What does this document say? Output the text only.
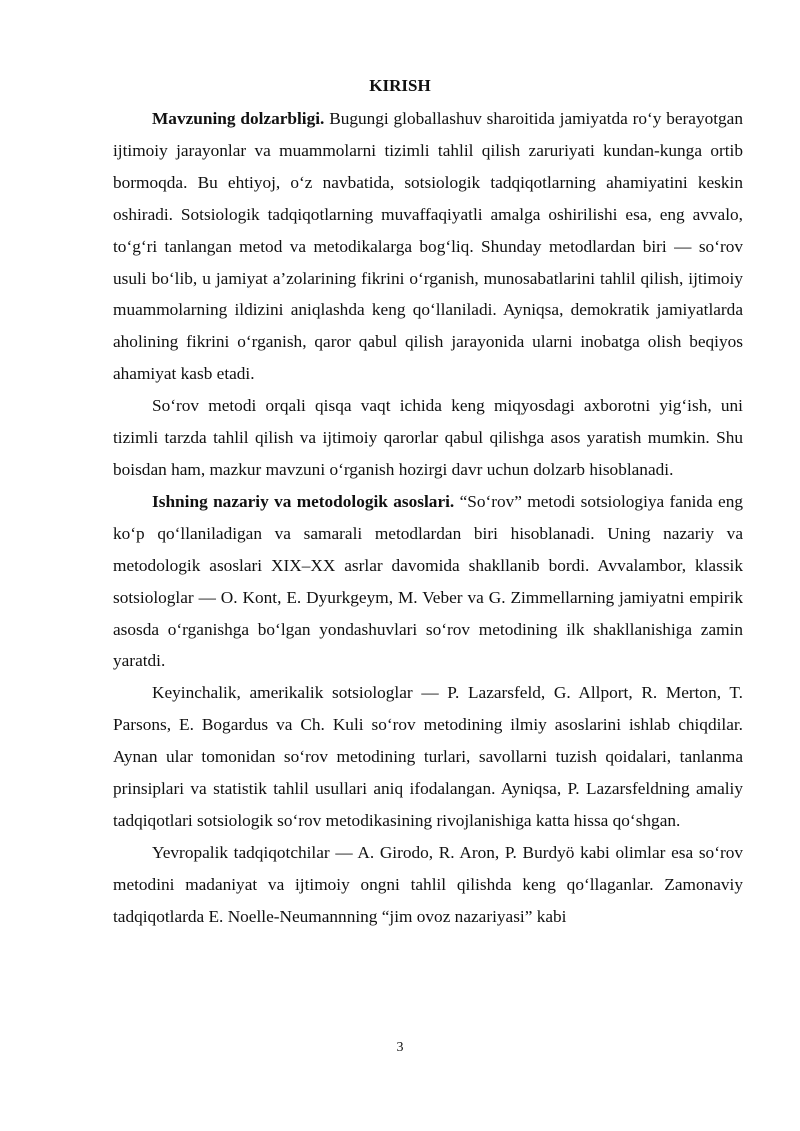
KIRISH

Mavzuning dolzarbligi. Bugungi globallashuv sharoitida jamiyatda ro‘y berayotgan ijtimoiy jarayonlar va muammolarni tizimli tahlil qilish zaruriyati kundan-kunga ortib bormoqda. Bu ehtiyoj, o‘z navbatida, sotsiologik tadqiqotlarning ahamiyatini keskin oshiradi. Sotsiologik tadqiqotlarning muvaffaqiyatli amalga oshirilishi esa, eng avvalo, to‘g‘ri tanlangan metod va metodikalarga bog‘liq. Shunday metodlardan biri — so‘rov usuli bo‘lib, u jamiyat a’zolarining fikrini o‘rganish, munosabatlarini tahlil qilish, ijtimoiy muammolarning ildizini aniqlashda keng qo‘llaniladi. Ayniqsa, demokratik jamiyatlarda aholining fikrini o‘rganish, qaror qabul qilish jarayonida ularni inobatga olish beqiyos ahamiyat kasb etadi.

So‘rov metodi orqali qisqa vaqt ichida keng miqyosdagi axborotni yig‘ish, uni tizimli tarzda tahlil qilish va ijtimoiy qarorlar qabul qilishga asos yaratish mumkin. Shu boisdan ham, mazkur mavzuni o‘rganish hozirgi davr uchun dolzarb hisoblanadi.

Ishning nazariy va metodologik asoslari. “So‘rov” metodi sotsiologiya fanida eng ko‘p qo‘llaniladigan va samarali metodlardan biri hisoblanadi. Uning nazariy va metodologik asoslari XIX–XX asrlar davomida shakllanib bordi. Avvalambor, klassik sotsiologlar — O. Kont, E. Dyurkgeym, M. Veber va G. Zimmellarning jamiyatni empirik asosda o‘rganishga bo‘lgan yondashuvlari so‘rov metodining ilk shakllanishiga zamin yaratdi.

Keyinchalik, amerikalik sotsiologlar — P. Lazarsfeld, G. Allport, R. Merton, T. Parsons, E. Bogardus va Ch. Kuli so‘rov metodining ilmiy asoslarini ishlab chiqdilar. Aynan ular tomonidan so‘rov metodining turlari, savollarni tuzish qoidalari, tanlanma prinsiplari va statistik tahlil usullari aniq ifodalangan. Ayniqsa, P. Lazarsfeldning amaliy tadqiqotlari sotsiologik so‘rov metodikasining rivojlanishiga katta hissa qo‘shgan.

Yevropalik tadqiqotchilar — A. Girodo, R. Aron, P. Burdyö kabi olimlar esa so‘rov metodini madaniyat va ijtimoiy ongni tahlil qilishda keng qo‘llaganlar. Zamonaviy tadqiqotlarda E. Noelle-Neumannning “jim ovoz nazariyasi” kabi

3
